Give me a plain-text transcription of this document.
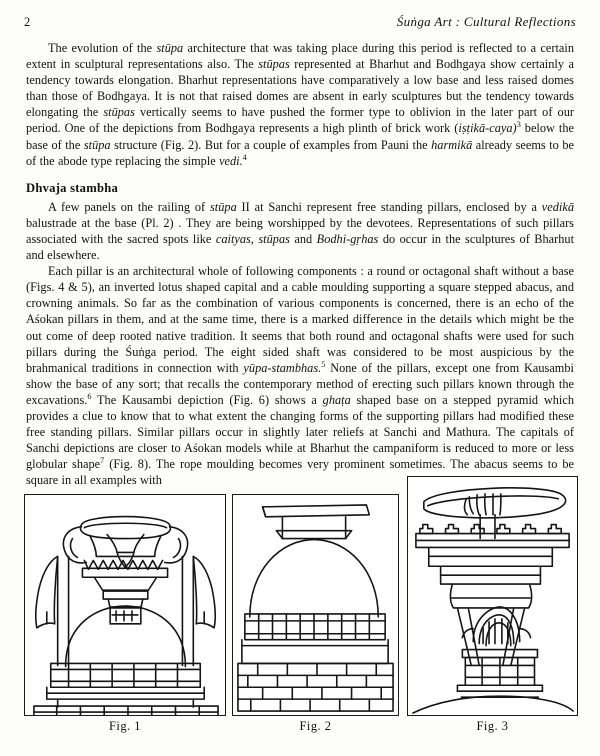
2	Śuṅga Art : Cultural Reflections

The evolution of the stūpa architecture that was taking place during this period is reflected to a certain extent in sculptural representations also. The stūpas represented at Bharhut and Bodhgaya show certainly a tendency towards elongation. Bharhut representations have comparatively a low base and less raised domes than those of Bodhgaya. It is not that raised domes are absent in early sculptures but the tendency towards elongating the stūpas vertically seems to have pushed the former type to oblivion in the later part of our period. One of the depictions from Bodhgaya represents a high plinth of brick work (iṣṭikā-caya)$^3$ below the base of the stūpa structure (Fig. 2). But for a couple of examples from Pauni the harmikā already seems to be of the abode type replacing the simple vedi.$^4$

Dhvaja stambha

A few panels on the railing of stūpa II at Sanchi represent free standing pillars, enclosed by a vedikā balustrade at the base (Pl. 2) . They are being worshipped by the devotees. Representations of such pillars associated with the sacred spots like caityas, stūpas and Bodhi-gṛhas do occur in the sculptures of Bharhut and elsewhere.

Each pillar is an architectural whole of following components : a round or octagonal shaft without a base (Figs. 4 & 5), an inverted lotus shaped capital and a cable moulding supporting a square stepped abacus, and crowning animals. So far as the combination of various components is concerned, there is an echo of the Aśokan pillars in them, and at the same time, there is a marked difference in the details which might be the out come of deep rooted native tradition. It seems that both round and octagonal shafts were used for such pillars during the Śuṅga period. The eight sided shaft was considered to be most auspicious by the brahmanical traditions in connection with yūpa-stambhas.$^5$ None of the pillars, except one from Kausambi show the base of any sort; that recalls the contemporary method of erecting such pillars known through the excavations.$^6$ The Kausambi depiction (Fig. 6) shows a ghaṭa shaped base on a stepped pyramid which provides a clue to know that to what extent the changing forms of the supporting pillars had modified these free standing pillars. Similar pillars occur in slightly later reliefs at Sanchi and Mathura. The capitals of Sanchi depictions are closer to Aśokan models while at Bharhut the campaniform is reduced to more or less globular shape$^7$ (Fig. 8). The rope moulding becomes very prominent sometimes. The abacus seems to be square in all examples with

Fig. 1	Fig. 2	Fig. 3
